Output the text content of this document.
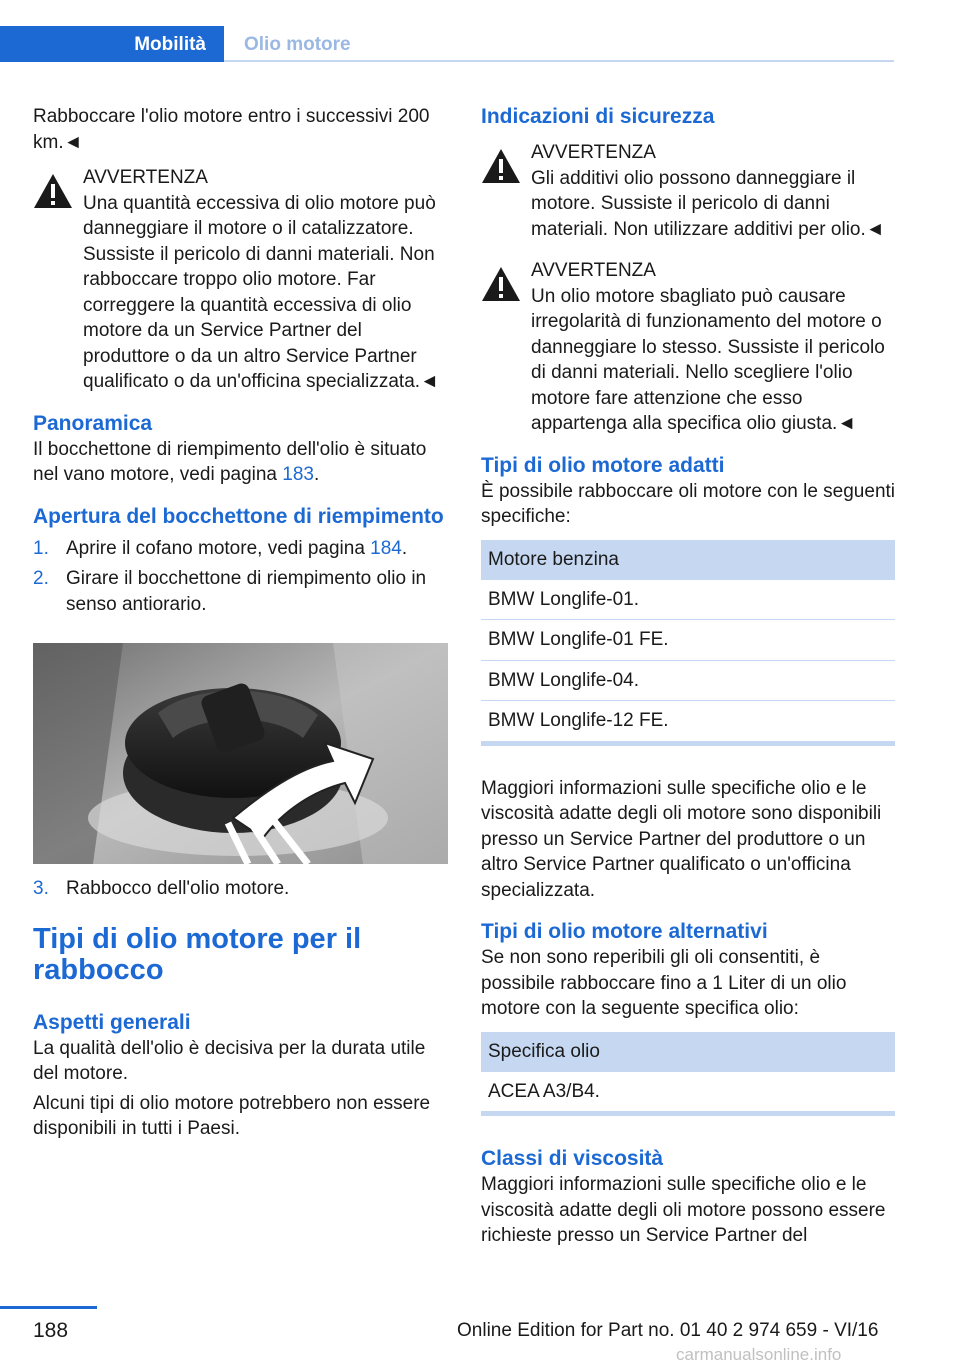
Mobilità Olio motore

Rabboccare l'olio motore entro i successivi 200 km.◄

AVVERTENZA
Una quantità eccessiva di olio motore può danneggiare il motore o il catalizzatore. Sussiste il pericolo di danni materiali. Non rabboccare troppo olio motore. Far correggere la quantità eccessiva di olio motore da un Service Partner del produttore o da un altro Service Partner qualificato o da un'officina specializzata.◄
Panoramica

Il bocchettone di riempimento dell'olio è situato nel vano motore, vedi pagina 183.

Apertura del bocchettone di riempimento
1. Aprire il cofano motore, vedi pagina 184.
2. Girare il bocchettone di riempimento olio in senso antiorario.
3. Rabbocco dell'olio motore.
Tipi di olio motore per il rabbocco
Aspetti generali

La qualità dell'olio è decisiva per la durata utile del motore.

Alcuni tipi di olio motore potrebbero non essere disponibili in tutti i Paesi.

Indicazioni di sicurezza
AVVERTENZA
Gli additivi olio possono danneggiare il motore. Sussiste il pericolo di danni materiali. Non utilizzare additivi per olio.◄
AVVERTENZA
Un olio motore sbagliato può causare irregolarità di funzionamento del motore o danneggiare lo stesso. Sussiste il pericolo di danni materiali. Nello scegliere l'olio motore fare attenzione che esso appartenga alla specifica olio giusta.◄
Tipi di olio motore adatti

È possibile rabboccare oli motore con le seguenti specifiche:

Motore benzina
BMW Longlife-01.
BMW Longlife-01 FE.
BMW Longlife-04.
BMW Longlife-12 FE.

Maggiori informazioni sulle specifiche olio e le viscosità adatte degli oli motore sono disponibili presso un Service Partner del produttore o un altro Service Partner qualificato o un'officina specializzata.

Tipi di olio motore alternativi

Se non sono reperibili gli oli consentiti, è possibile rabboccare fino a 1 Liter di un olio motore con la seguente specifica olio:

Specifica olio
ACEA A3/B4.
Classi di viscosità

Maggiori informazioni sulle specifiche olio e le viscosità adatte degli oli motore possono essere richieste presso un Service Partner del

188	Online Edition for Part no. 01 40 2 974 659 - VI/16
carmanualsonline.info
